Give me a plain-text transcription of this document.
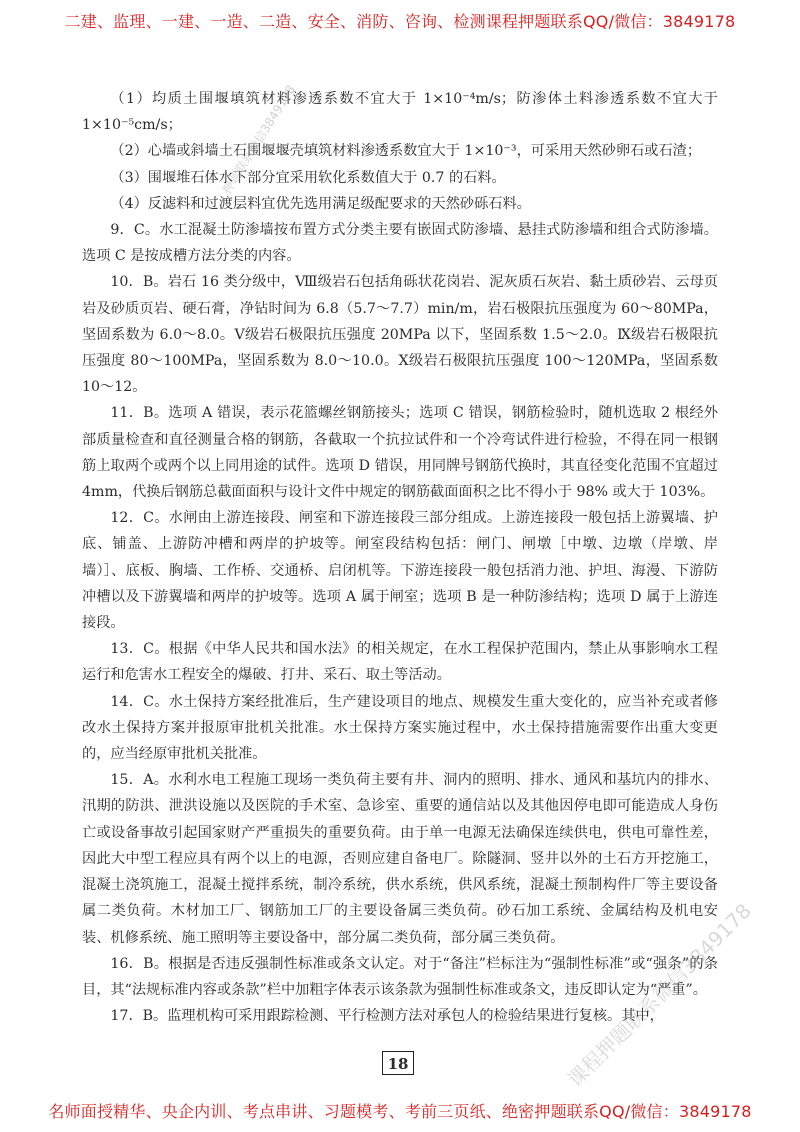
二建、监理、一建、一造、二造、安全、消防、咨询、检测课程押题联系QQ/微信：3849178

（1）均质土围堰填筑材料渗透系数不宜大于 1×10⁻⁴m/s；防渗体土料渗透系数不宜大于 1×10⁻⁵cm/s；

（2）心墙或斜墙土石围堰堰壳填筑材料渗透系数宜大于 1×10⁻³，可采用天然砂卵石或石渣；

（3）围堰堆石体水下部分宜采用软化系数值大于 0.7 的石料。

（4）反滤料和过渡层料宜优先选用满足级配要求的天然砂砾石料。

9．C。水工混凝土防渗墙按布置方式分类主要有嵌固式防渗墙、悬挂式防渗墙和组合式防渗墙。选项 C 是按成槽方法分类的内容。

10．B。岩石 16 类分级中，Ⅷ级岩石包括角砾状花岗岩、泥灰质石灰岩、黏土质砂岩、云母页岩及砂质页岩、硬石膏，净钻时间为 6.8（5.7～7.7）min/m，岩石极限抗压强度为 60～80MPa，坚固系数为 6.0～8.0。Ⅴ级岩石极限抗压强度 20MPa 以下，坚固系数 1.5～2.0。Ⅸ级岩石极限抗压强度 80～100MPa，坚固系数为 8.0～10.0。Ⅹ级岩石极限抗压强度 100～120MPa，坚固系数 10～12。

11．B。选项 A 错误，表示花篮螺丝钢筋接头；选项 C 错误，钢筋检验时，随机选取 2 根经外部质量检查和直径测量合格的钢筋，各截取一个抗拉试件和一个冷弯试件进行检验，不得在同一根钢筋上取两个或两个以上同用途的试件。选项 D 错误，用同牌号钢筋代换时，其直径变化范围不宜超过 4mm，代换后钢筋总截面面积与设计文件中规定的钢筋截面面积之比不得小于 98% 或大于 103%。

12．C。水闸由上游连接段、闸室和下游连接段三部分组成。上游连接段一般包括上游翼墙、护底、铺盖、上游防冲槽和两岸的护坡等。闸室段结构包括：闸门、闸墩［中墩、边墩（岸墩、岸墙）］、底板、胸墙、工作桥、交通桥、启闭机等。下游连接段一般包括消力池、护坦、海漫、下游防冲槽以及下游翼墙和两岸的护坡等。选项 A 属于闸室；选项 B 是一种防渗结构；选项 D 属于上游连接段。

13．C。根据《中华人民共和国水法》的相关规定，在水工程保护范围内，禁止从事影响水工程运行和危害水工程安全的爆破、打井、采石、取土等活动。

14．C。水土保持方案经批准后，生产建设项目的地点、规模发生重大变化的，应当补充或者修改水土保持方案并报原审批机关批准。水土保持方案实施过程中，水土保持措施需要作出重大变更的，应当经原审批机关批准。

15．A。水利水电工程施工现场一类负荷主要有井、洞内的照明、排水、通风和基坑内的排水、汛期的防洪、泄洪设施以及医院的手术室、急诊室、重要的通信站以及其他因停电即可能造成人身伤亡或设备事故引起国家财产严重损失的重要负荷。由于单一电源无法确保连续供电，供电可靠性差，因此大中型工程应具有两个以上的电源，否则应建自备电厂。除隧洞、竖井以外的土石方开挖施工，混凝土浇筑施工，混凝土搅拌系统，制冷系统，供水系统，供风系统，混凝土预制构件厂等主要设备属二类负荷。木材加工厂、钢筋加工厂的主要设备属三类负荷。砂石加工系统、金属结构及机电安装、机修系统、施工照明等主要设备中，部分属二类负荷，部分属三类负荷。

16．B。根据是否违反强制性标准或条文认定。对于“备注”栏标注为“强制性标准”或“强条”的条目，其“法规标准内容或条款”栏中加粗字体表示该条款为强制性标准或条文，违反即认定为“严重”。

17．B。监理机构可采用跟踪检测、平行检测方法对承包人的检验结果进行复核。其中，

押题联系微信3849178
课程押题联系微信3849178
18
名师面授精华、央企内训、考点串讲、习题模考、考前三页纸、绝密押题联系QQ/微信：3849178
